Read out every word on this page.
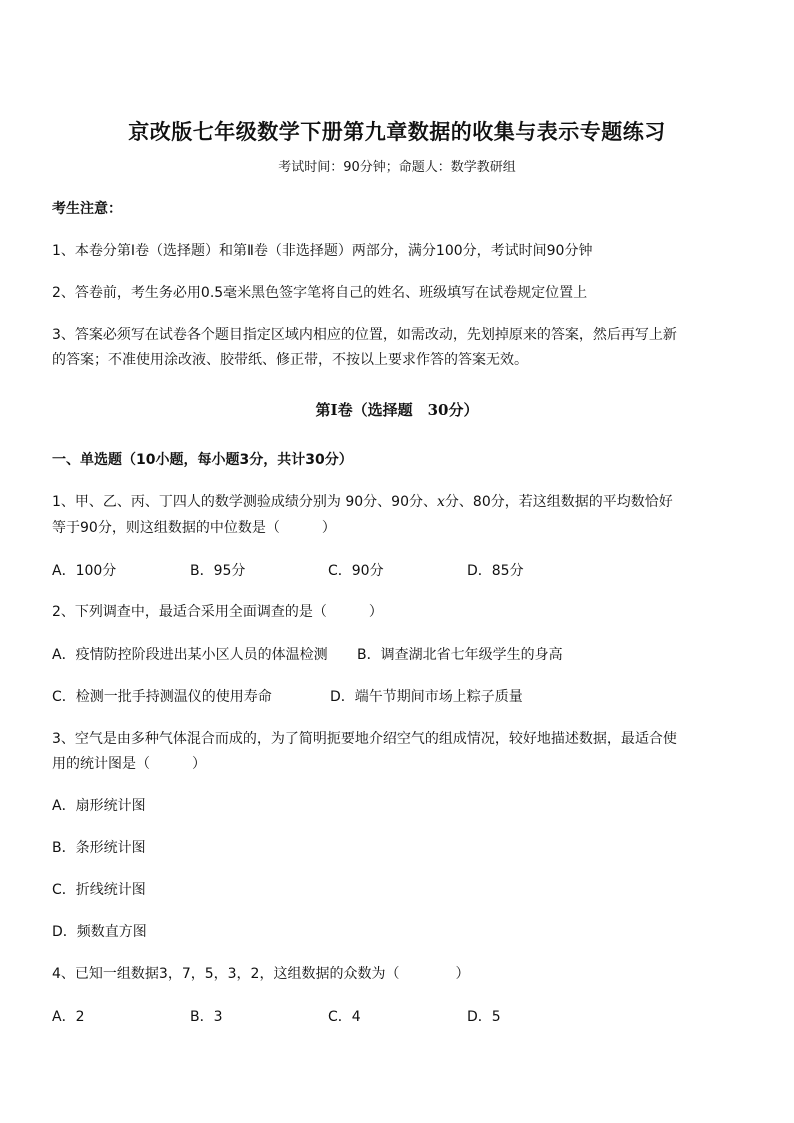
京改版七年级数学下册第九章数据的收集与表示专题练习
考试时间：90分钟；命题人：数学教研组
考生注意：
1、本卷分第Ⅰ卷（选择题）和第Ⅱ卷（非选择题）两部分，满分100分，考试时间90分钟
2、答卷前，考生务必用0.5毫米黑色签字笔将自己的姓名、班级填写在试卷规定位置上
3、答案必须写在试卷各个题目指定区域内相应的位置，如需改动，先划掉原来的答案，然后再写上新
的答案；不准使用涂改液、胶带纸、修正带，不按以上要求作答的答案无效。
第Ⅰ卷（选择题　30分）
一、单选题（10小题，每小题3分，共计30分）
1、甲、乙、丙、丁四人的数学测验成绩分别为 90分、90分、x分、80分，若这组数据的平均数恰好
等于90分，则这组数据的中位数是（　　　）
A．100分	B．95分	C．90分	D．85分
2、下列调查中，最适合采用全面调查的是（　　　）
A．疫情防控阶段进出某小区人员的体温检测 B．调查湖北省七年级学生的身高
C．检测一批手持测温仪的使用寿命	D．端午节期间市场上粽子质量
3、空气是由多种气体混合而成的，为了简明扼要地介绍空气的组成情况，较好地描述数据，最适合使
用的统计图是（　　　）
A．扇形统计图
B．条形统计图
C．折线统计图
D．频数直方图
4、已知一组数据3，7，5，3，2，这组数据的众数为（　　　　）
A．2	B．3	C．4	D．5
